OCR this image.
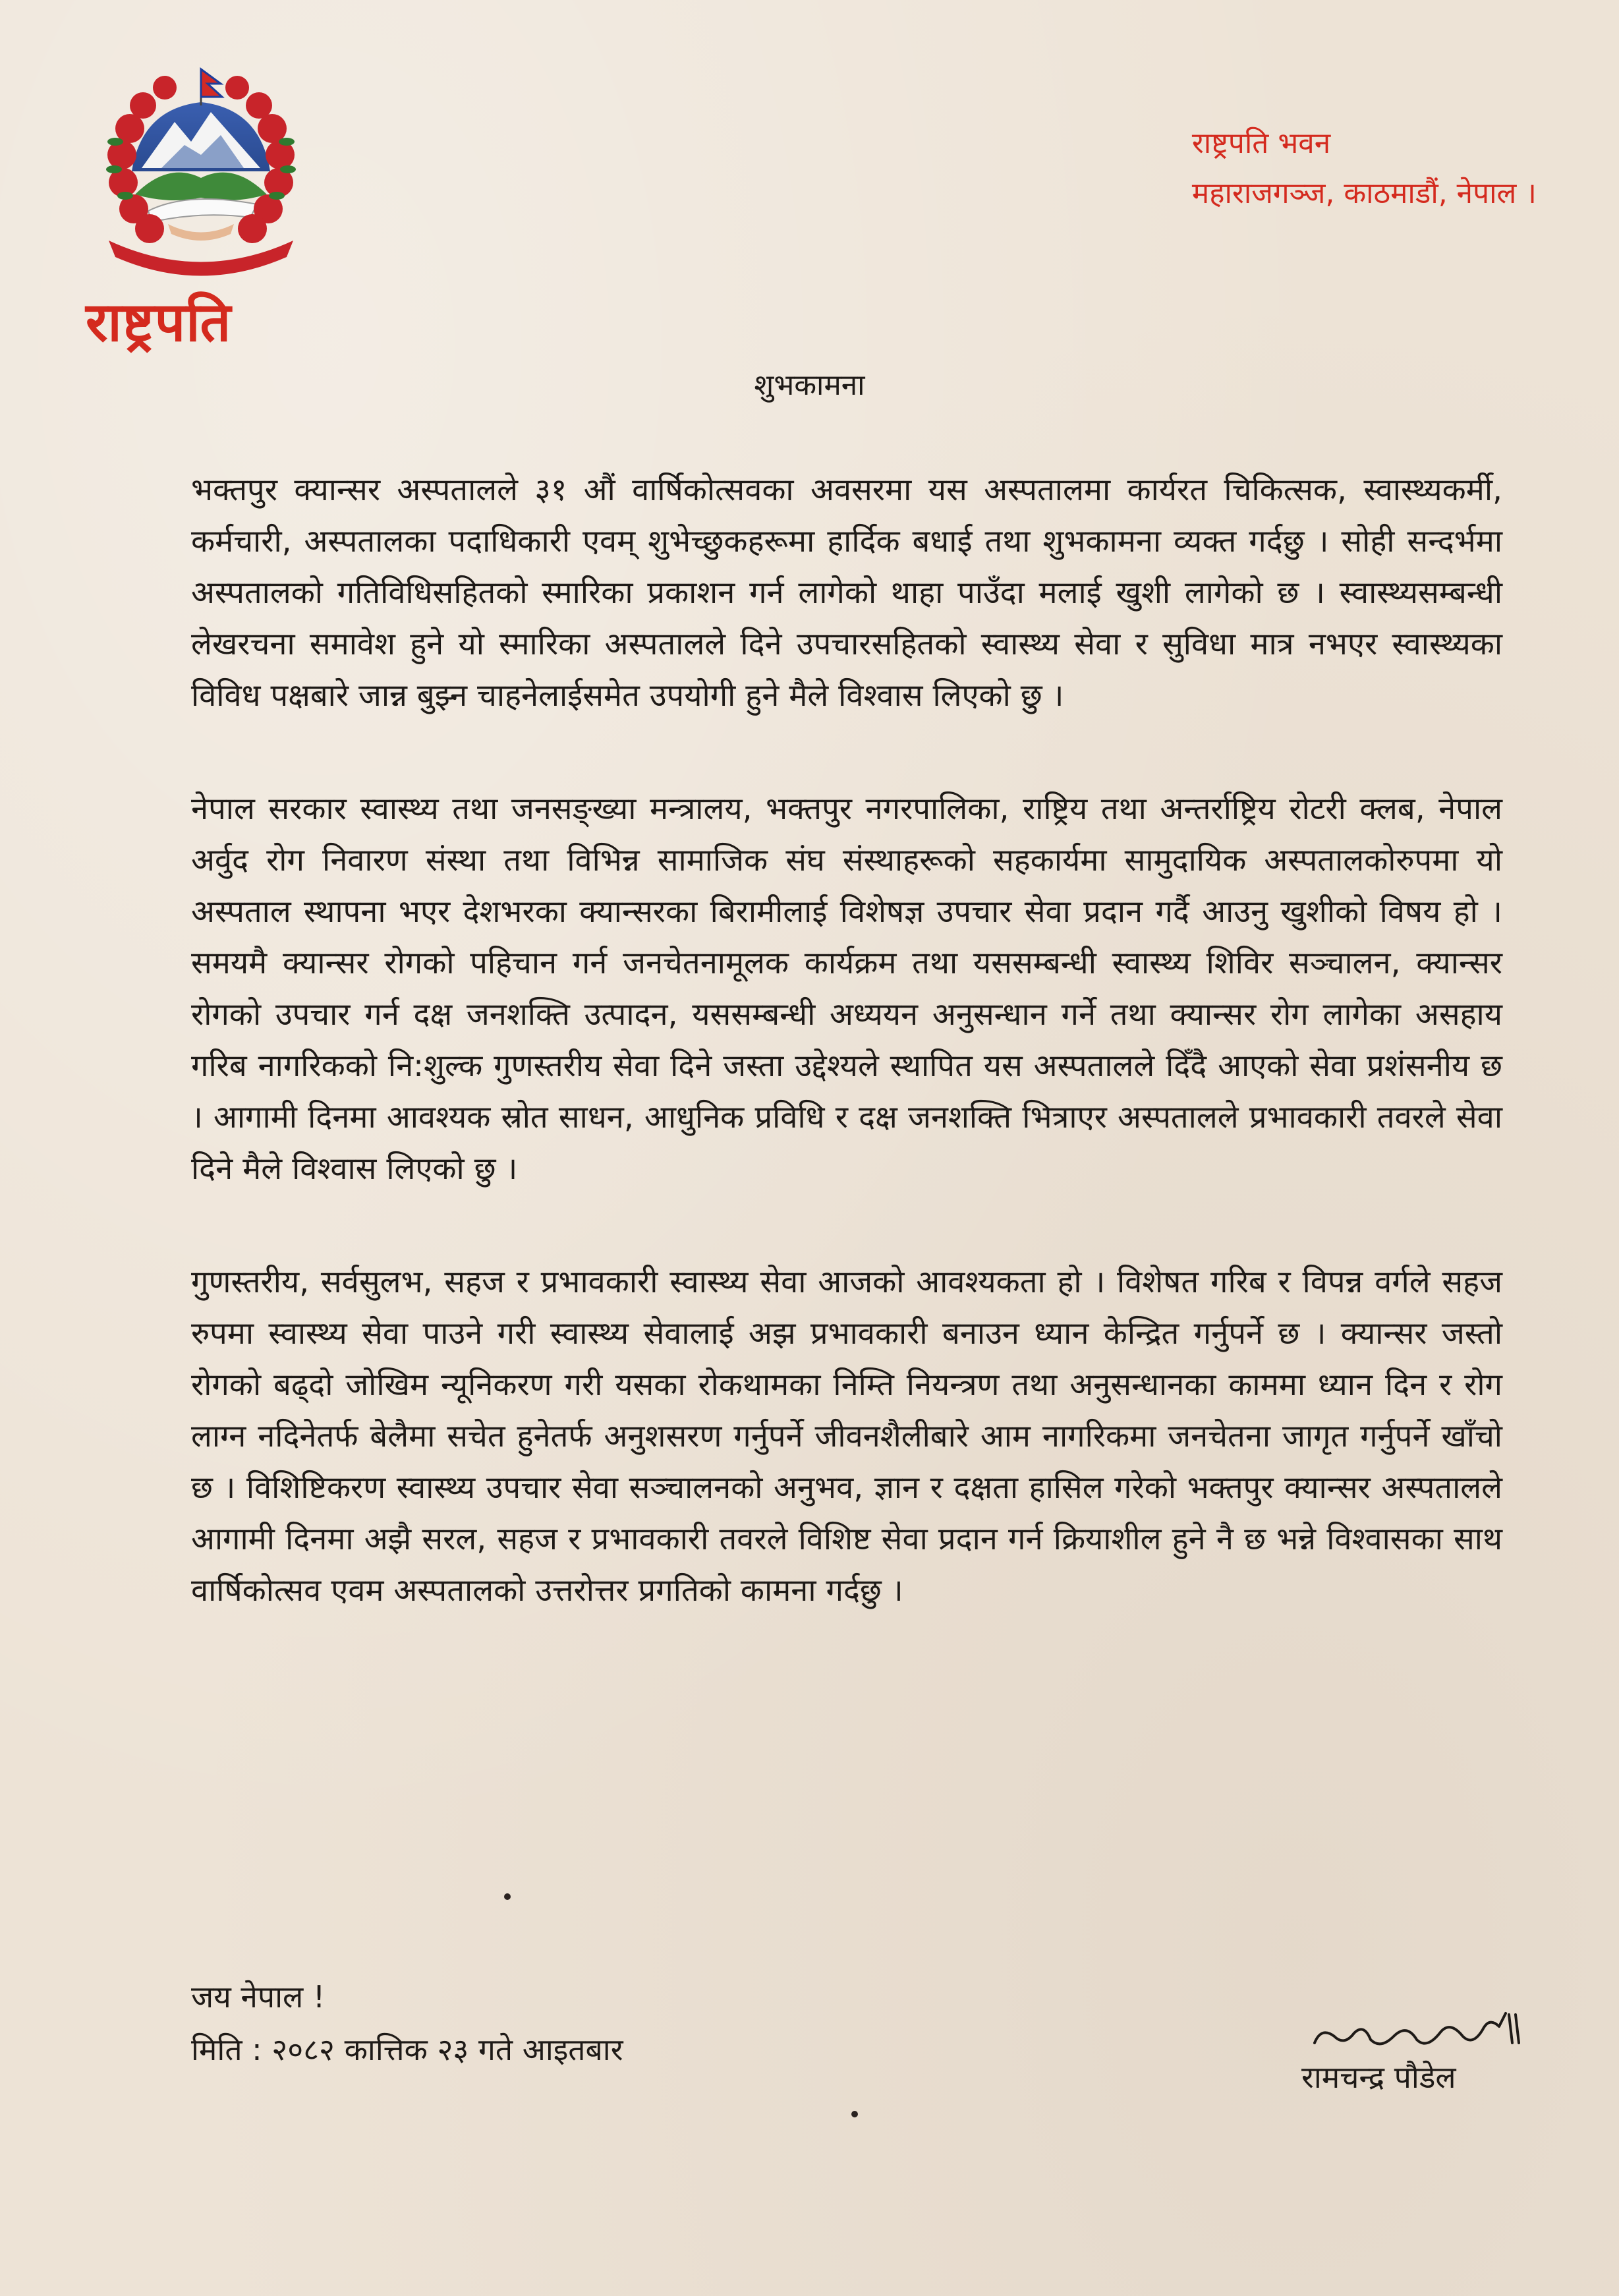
राष्ट्रपति
राष्ट्रपति भवन
महाराजगञ्ज, काठमाडौं, नेपाल ।
शुभकामना

भक्तपुर क्यान्सर अस्पतालले ३१ औं वार्षिकोत्सवका अवसरमा यस अस्पतालमा कार्यरत चिकित्सक, स्वास्थ्यकर्मी, कर्मचारी, अस्पतालका पदाधिकारी एवम् शुभेच्छुकहरूमा हार्दिक बधाई तथा शुभकामना व्यक्त गर्दछु । सोही सन्दर्भमा अस्पतालको गतिविधिसहितको स्मारिका प्रकाशन गर्न लागेको थाहा पाउँदा मलाई खुशी लागेको छ । स्वास्थ्यसम्बन्धी लेखरचना समावेश हुने यो स्मारिका अस्पतालले दिने उपचारसहितको स्वास्थ्य सेवा र सुविधा मात्र नभएर स्वास्थ्यका विविध पक्षबारे जान्न बुझ्न चाहनेलाईसमेत उपयोगी हुने मैले विश्वास लिएको छु ।

नेपाल सरकार स्वास्थ्य तथा जनसङ्ख्या मन्त्रालय, भक्तपुर नगरपालिका, राष्ट्रिय तथा अन्तर्राष्ट्रिय रोटरी क्लब, नेपाल अर्वुद रोग निवारण संस्था तथा विभिन्न सामाजिक संघ संस्थाहरूको सहकार्यमा सामुदायिक अस्पतालकोरुपमा यो अस्पताल स्थापना भएर देशभरका क्यान्सरका बिरामीलाई विशेषज्ञ उपचार सेवा प्रदान गर्दै आउनु खुशीको विषय हो । समयमै क्यान्सर रोगको पहिचान गर्न जनचेतनामूलक कार्यक्रम तथा यससम्बन्धी स्वास्थ्य शिविर सञ्चालन, क्यान्सर रोगको उपचार गर्न दक्ष जनशक्ति उत्पादन, यससम्बन्धी अध्ययन अनुसन्धान गर्ने तथा क्यान्सर रोग लागेका असहाय गरिब नागरिकको नि:शुल्क गुणस्तरीय सेवा दिने जस्ता उद्देश्यले स्थापित यस अस्पतालले दिँदै आएको सेवा प्रशंसनीय छ । आगामी दिनमा आवश्यक स्रोत साधन, आधुनिक प्रविधि र दक्ष जनशक्ति भित्राएर अस्पतालले प्रभावकारी तवरले सेवा दिने मैले विश्वास लिएको छु ।

गुणस्तरीय, सर्वसुलभ, सहज र प्रभावकारी स्वास्थ्य सेवा आजको आवश्यकता हो । विशेषत गरिब र विपन्न वर्गले सहज रुपमा स्वास्थ्य सेवा पाउने गरी स्वास्थ्य सेवालाई अझ प्रभावकारी बनाउन ध्यान केन्द्रित गर्नुपर्ने छ । क्यान्सर जस्तो रोगको बढ्दो जोखिम न्यूनिकरण गरी यसका रोकथामका निम्ति नियन्त्रण तथा अनुसन्धानका काममा ध्यान दिन र रोग लाग्न नदिनेतर्फ बेलैमा सचेत हुनेतर्फ अनुशसरण गर्नुपर्ने जीवनशैलीबारे आम नागरिकमा जनचेतना जागृत गर्नुपर्ने खाँचो छ । विशिष्टिकरण स्वास्थ्य उपचार सेवा सञ्चालनको अनुभव, ज्ञान र दक्षता हासिल गरेको भक्तपुर क्यान्सर अस्पतालले आगामी दिनमा अझै सरल, सहज र प्रभावकारी तवरले विशिष्ट सेवा प्रदान गर्न क्रियाशील हुने नै छ भन्ने विश्वासका साथ वार्षिकोत्सव एवम अस्पतालको उत्तरोत्तर प्रगतिको कामना गर्दछु ।

जय नेपाल !
मिति : २०८२ कात्तिक २३ गते आइतबार
रामचन्द्र पौडेल
